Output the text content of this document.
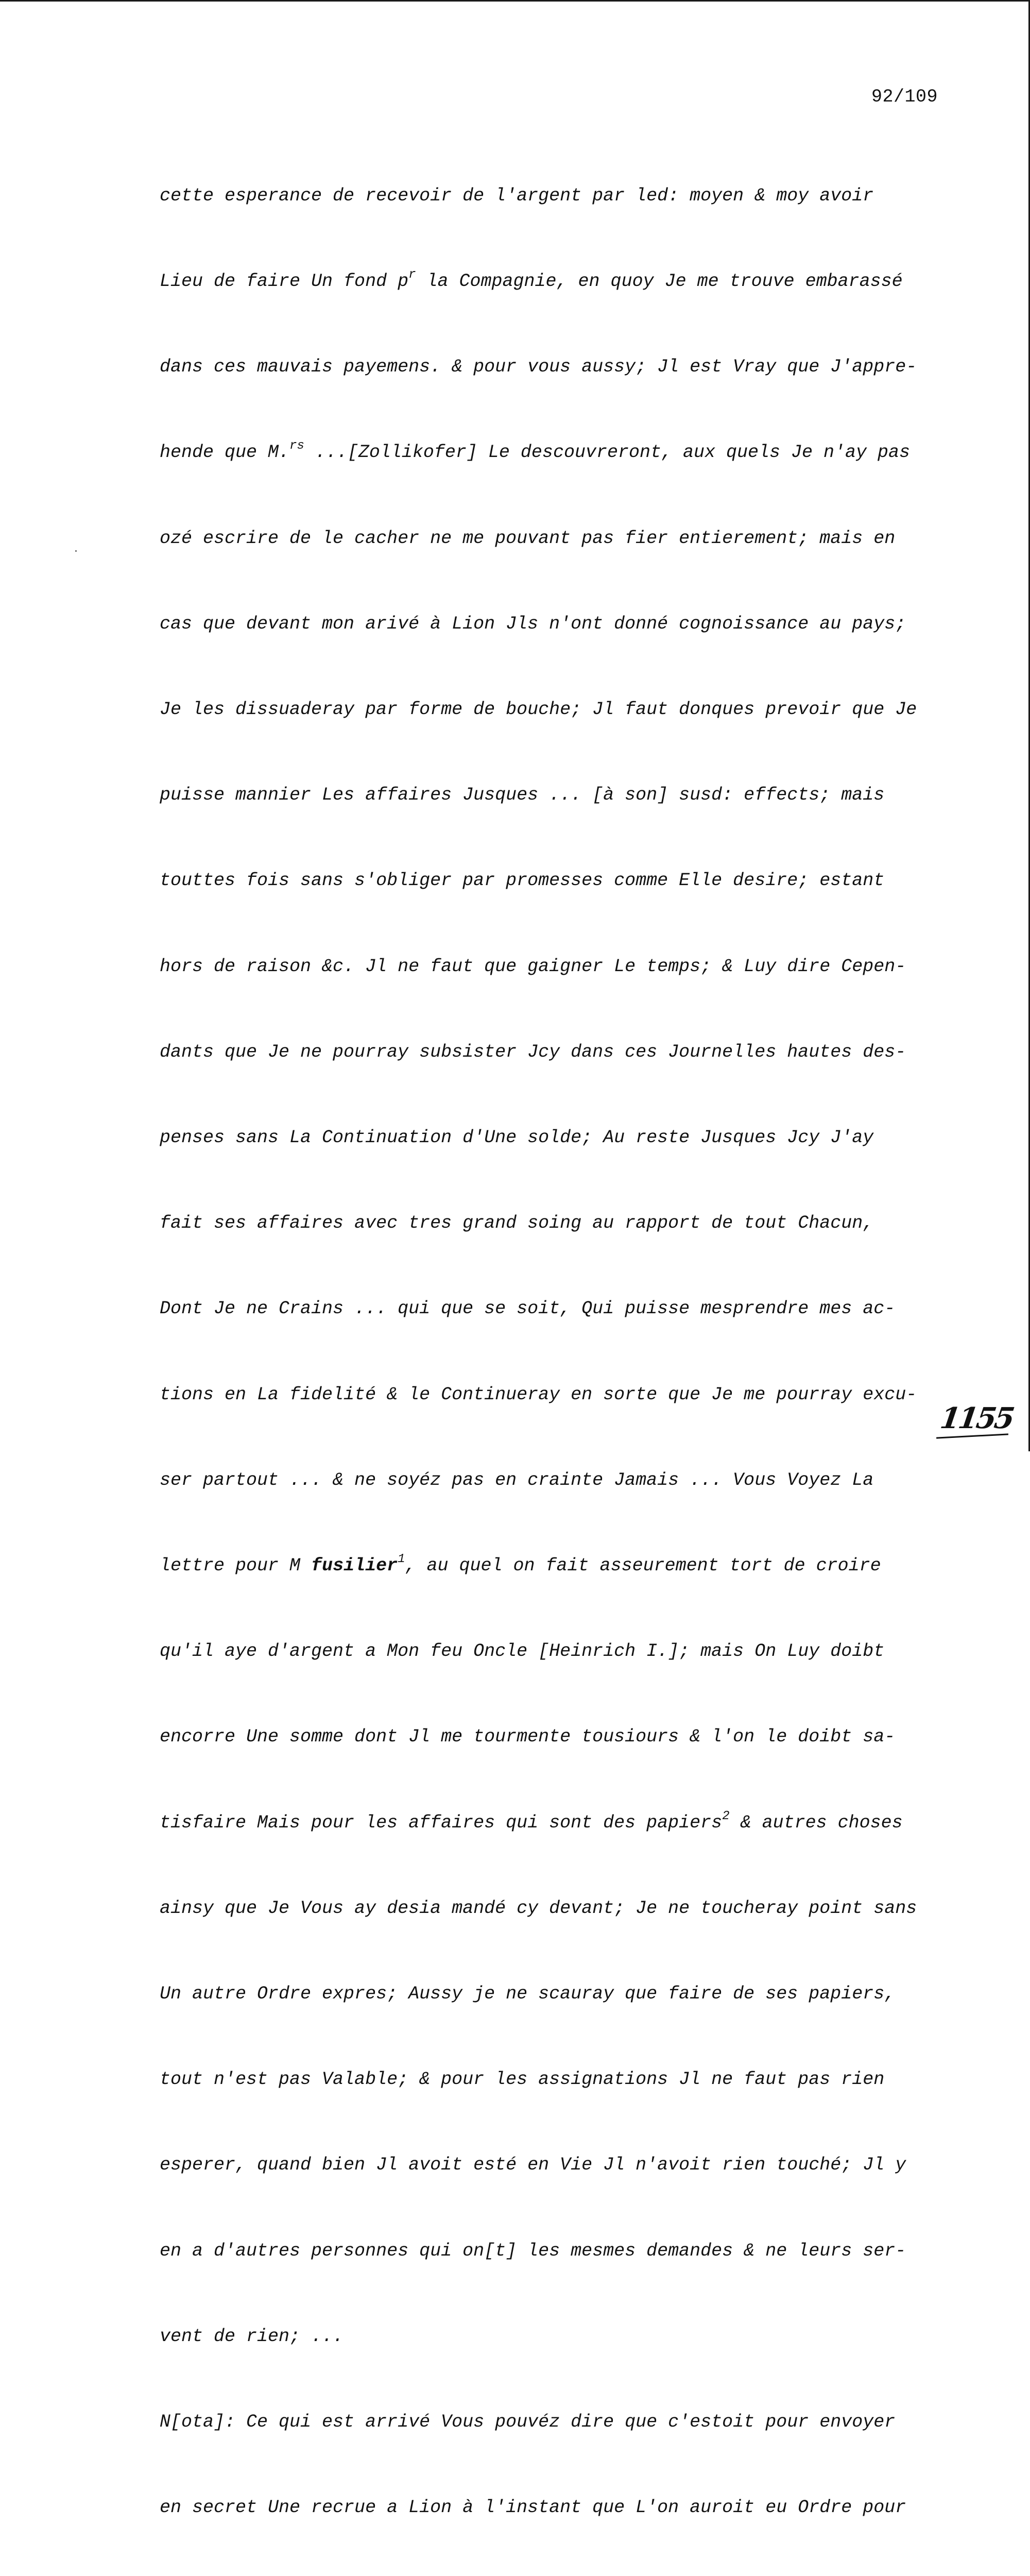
92/109

cette esperance de recevoir de l'argent par led: moyen & moy avoir

Lieu de faire Un fond $p^r$ la Compagnie, en quoy Je me trouve embarassé

dans ces mauvais payemens. & pour vous aussy; Jl est Vray que J'appre-

hende que M.$^{rs}$ ...[Zollikofer] Le descouvreront, aux quels Je n'ay pas

ozé escrire de le cacher ne me pouvant pas fier entierement; mais en

cas que devant mon arivé à Lion Jls n'ont donné cognoissance au pays;

Je les dissuaderay par forme de bouche; Jl faut donques prevoir que Je

puisse mannier Les affaires Jusques ... [à son] susd: effects; mais

touttes fois sans s'obliger par promesses comme Elle desire; estant

hors de raison &c. Jl ne faut que gaigner Le temps; & Luy dire Cepen-

dants que Je ne pourray subsister Jcy dans ces Journelles hautes des-

penses sans La Continuation d'Une solde; Au reste Jusques Jcy J'ay

fait ses affaires avec tres grand soing au rapport de tout Chacun,

Dont Je ne Crains ... qui que se soit, Qui puisse mesprendre mes ac-

tions en La fidelité & le Continueray en sorte que Je me pourray excu-

ser partout ... & ne soyéz pas en crainte Jamais ... Vous Voyez La

lettre pour M fusilier$^1$, au quel on fait asseurement tort de croire

qu'il aye d'argent a Mon feu Oncle [Heinrich I.]; mais On Luy doibt

encorre Une somme dont Jl me tourmente tousiours & l'on le doibt sa-

tisfaire Mais pour les affaires qui sont des papiers$^2$ & autres choses

ainsy que Je Vous ay desia mandé cy devant; Je ne toucheray point sans

Un autre Ordre expres; Aussy je ne scauray que faire de ses papiers,

tout n'est pas Valable; & pour les assignations Jl ne faut pas rien

esperer, quand bien Jl avoit esté en Vie Jl n'avoit rien touché; Jl y

en a d'autres personnes qui on[t] les mesmes demandes & ne leurs ser-

vent de rien; ...

N[ota]: Ce qui est arrivé Vous pouvéz dire que c'estoit pour envoyer

en secret Une recrue a Lion à l'instant que L'on auroit eu Ordre pour

1155
